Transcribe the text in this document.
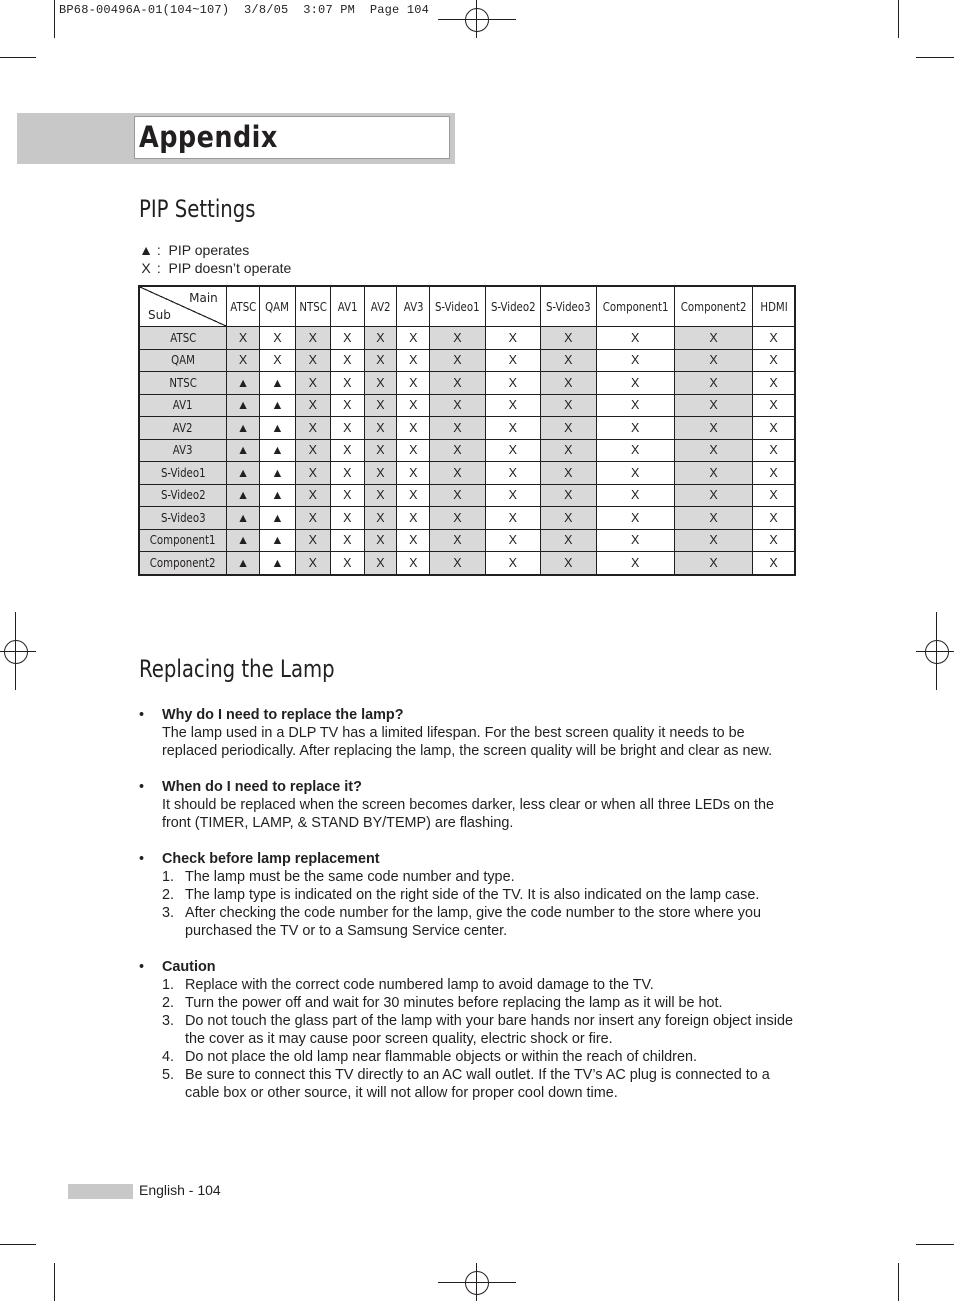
BP68-00496A-01(104~107)  3/8/05  3:07 PM  Page 104
Appendix
PIP Settings
▲ :  PIP operates
X :  PIP doesn’t operate
Main
Sub	ATSC	QAM	NTSC	AV1	AV2	AV3	S-Video1	S-Video2	S-Video3	Component1	Component2	HDMI
ATSC	X	X	X	X	X	X	X	X	X	X	X	X
QAM	X	X	X	X	X	X	X	X	X	X	X	X
NTSC	▲	▲	X	X	X	X	X	X	X	X	X	X
AV1	▲	▲	X	X	X	X	X	X	X	X	X	X
AV2	▲	▲	X	X	X	X	X	X	X	X	X	X
AV3	▲	▲	X	X	X	X	X	X	X	X	X	X
S-Video1	▲	▲	X	X	X	X	X	X	X	X	X	X
S-Video2	▲	▲	X	X	X	X	X	X	X	X	X	X
S-Video3	▲	▲	X	X	X	X	X	X	X	X	X	X
Component1	▲	▲	X	X	X	X	X	X	X	X	X	X
Component2	▲	▲	X	X	X	X	X	X	X	X	X	X
Replacing the Lamp
• Why do I need to replace the lamp?
The lamp used in a DLP TV has a limited lifespan. For the best screen quality it needs to be replaced periodically. After replacing the lamp, the screen quality will be bright and clear as new.
• When do I need to replace it?
It should be replaced when the screen becomes darker, less clear or when all three LEDs on the front (TIMER, LAMP, & STAND BY/TEMP) are flashing.
• Check before lamp replacement
1. The lamp must be the same code number and type.
2. The lamp type is indicated on the right side of the TV. It is also indicated on the lamp case.
3. After checking the code number for the lamp, give the code number to the store where you purchased the TV or to a Samsung Service center.
• Caution
1. Replace with the correct code numbered lamp to avoid damage to the TV.
2. Turn the power off and wait for 30 minutes before replacing the lamp as it will be hot.
3. Do not touch the glass part of the lamp with your bare hands nor insert any foreign object inside the cover as it may cause poor screen quality, electric shock or fire.
4. Do not place the old lamp near flammable objects or within the reach of children.
5. Be sure to connect this TV directly to an AC wall outlet. If the TV’s AC plug is connected to a cable box or other source, it will not allow for proper cool down time.
English - 104
